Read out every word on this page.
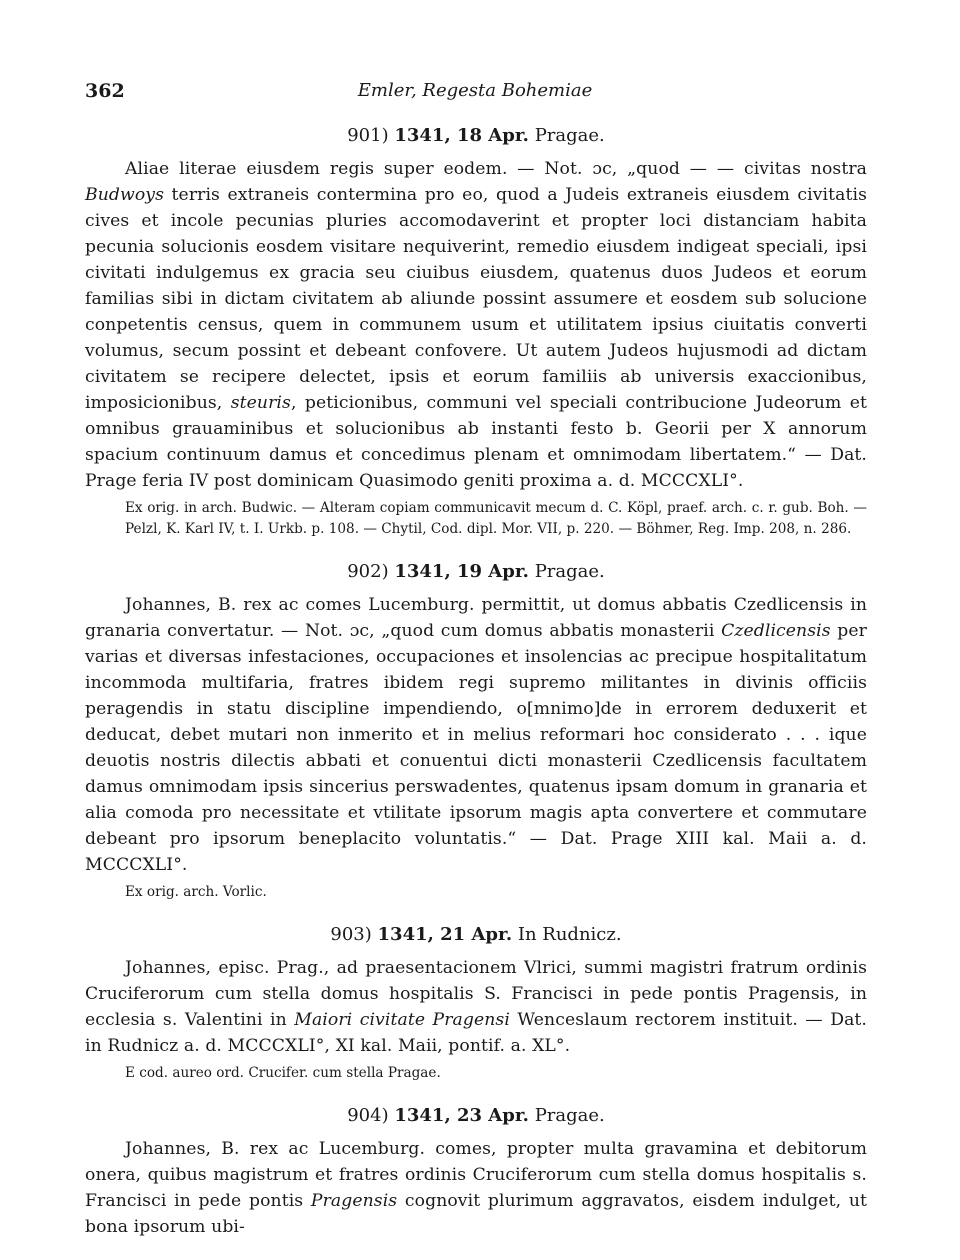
362	Emler, Regesta Bohemiae
901) 1341, 18 Apr. Pragae.

Aliae literae eiusdem regis super eodem. — Not. ɔc, „quod — — civitas nostra Budwoys terris extraneis contermina pro eo, quod a Judeis extraneis eiusdem civitatis cives et incole pecunias pluries accomodaverint et propter loci distanciam habita pecunia solucionis eosdem visitare nequiverint, remedio eiusdem indigeat speciali, ipsi civitati indulgemus ex gracia seu ciuibus eiusdem, quatenus duos Judeos et eorum familias sibi in dictam civitatem ab aliunde possint assumere et eosdem sub solucione conpetentis census, quem in communem usum et utilitatem ipsius ciuitatis converti volumus, secum possint et debeant confovere. Ut autem Judeos hujusmodi ad dictam civitatem se recipere delectet, ipsis et eorum familiis ab universis exaccionibus, imposicionibus, steuris, peticionibus, communi vel speciali contribucione Judeorum et omnibus grauaminibus et solucionibus ab instanti festo b. Georii per X annorum spacium continuum damus et concedimus plenam et omnimodam libertatem.“ — Dat. Prage feria IV post dominicam Quasimodo geniti proxima a. d. MCCCXLI°.

Ex orig. in arch. Budwic. — Alteram copiam communicavit mecum d. C. Köpl, praef. arch. c. r. gub. Boh. — Pelzl, K. Karl IV, t. I. Urkb. p. 108. — Chytil, Cod. dipl. Mor. VII, p. 220. — Böhmer, Reg. Imp. 208, n. 286.

902) 1341, 19 Apr. Pragae.

Johannes, B. rex ac comes Lucemburg. permittit, ut domus abbatis Czedlicensis in granaria convertatur. — Not. ɔc, „quod cum domus abbatis monasterii Czedlicensis per varias et diversas infestaciones, occupaciones et insolencias ac precipue hospitalitatum incommoda multifaria, fratres ibidem regi supremo militantes in divinis officiis peragendis in statu discipline impendiendo, o[mnimo]de in errorem deduxerit et deducat, debet mutari non inmerito et in melius reformari hoc considerato . . . ique deuotis nostris dilectis abbati et conuentui dicti monasterii Czedlicensis facultatem damus omnimodam ipsis sincerius perswadentes, quatenus ipsam domum in granaria et alia comoda pro necessitate et vtilitate ipsorum magis apta convertere et commutare debeant pro ipsorum beneplacito voluntatis.“ — Dat. Prage XIII kal. Maii a. d. MCCCXLI°.

Ex orig. arch. Vorlic.

903) 1341, 21 Apr. In Rudnicz.

Johannes, episc. Prag., ad praesentacionem Vlrici, summi magistri fratrum ordinis Cruciferorum cum stella domus hospitalis S. Francisci in pede pontis Pragensis, in ecclesia s. Valentini in Maiori civitate Pragensi Wenceslaum rectorem instituit. — Dat. in Rudnicz a. d. MCCCXLI°, XI kal. Maii, pontif. a. XL°.

E cod. aureo ord. Crucifer. cum stella Pragae.

904) 1341, 23 Apr. Pragae.

Johannes, B. rex ac Lucemburg. comes, propter multa gravamina et debitorum onera, quibus magistrum et fratres ordinis Cruciferorum cum stella domus hospitalis s. Francisci in pede pontis Pragensis cognovit plurimum aggravatos, eisdem indulget, ut bona ipsorum ubi-
